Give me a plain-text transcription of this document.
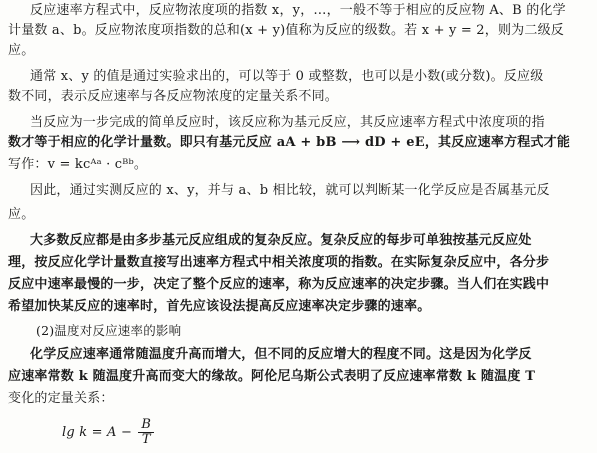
反应速率方程式中，反应物浓度项的指数 x，y，…，一般不等于相应的反应物 A、B 的化学
计量数 a、b。反应物浓度项指数的总和(x + y)值称为反应的级数。若 x + y = 2，则为二级反
应。
通常 x、y 的值是通过实验求出的，可以等于 0 或整数，也可以是小数(或分数)。反应级
数不同，表示反应速率与各反应物浓度的定量关系不同。
当反应为一步完成的简单反应时，该反应称为基元反应，其反应速率方程式中浓度项的指
数才等于相应的化学计量数。即只有基元反应 aA + bB ⟶ dD + eE，其反应速率方程式才能
写作：v = kcᴬᵃ · cᴮᵇ。
因此，通过实测反应的 x、y，并与 a、b 相比较，就可以判断某一化学反应是否属基元反
应。
大多数反应都是由多步基元反应组成的复杂反应。复杂反应的每步可单独按基元反应处
理，按反应化学计量数直接写出速率方程式中相关浓度项的指数。在实际复杂反应中，各分步
反应中速率最慢的一步，决定了整个反应的速率，称为反应速率的决定步骤。当人们在实践中
希望加快某反应的速率时，首先应该设法提高反应速率决定步骤的速率。
(2)温度对反应速率的影响
化学反应速率通常随温度升高而增大，但不同的反应增大的程度不同。这是因为化学反
应速率常数 k 随温度升高而变大的缘故。阿伦尼乌斯公式表明了反应速率常数 k 随温度 T
变化的定量关系：
$\lg k = A - \frac{B}{T}$
